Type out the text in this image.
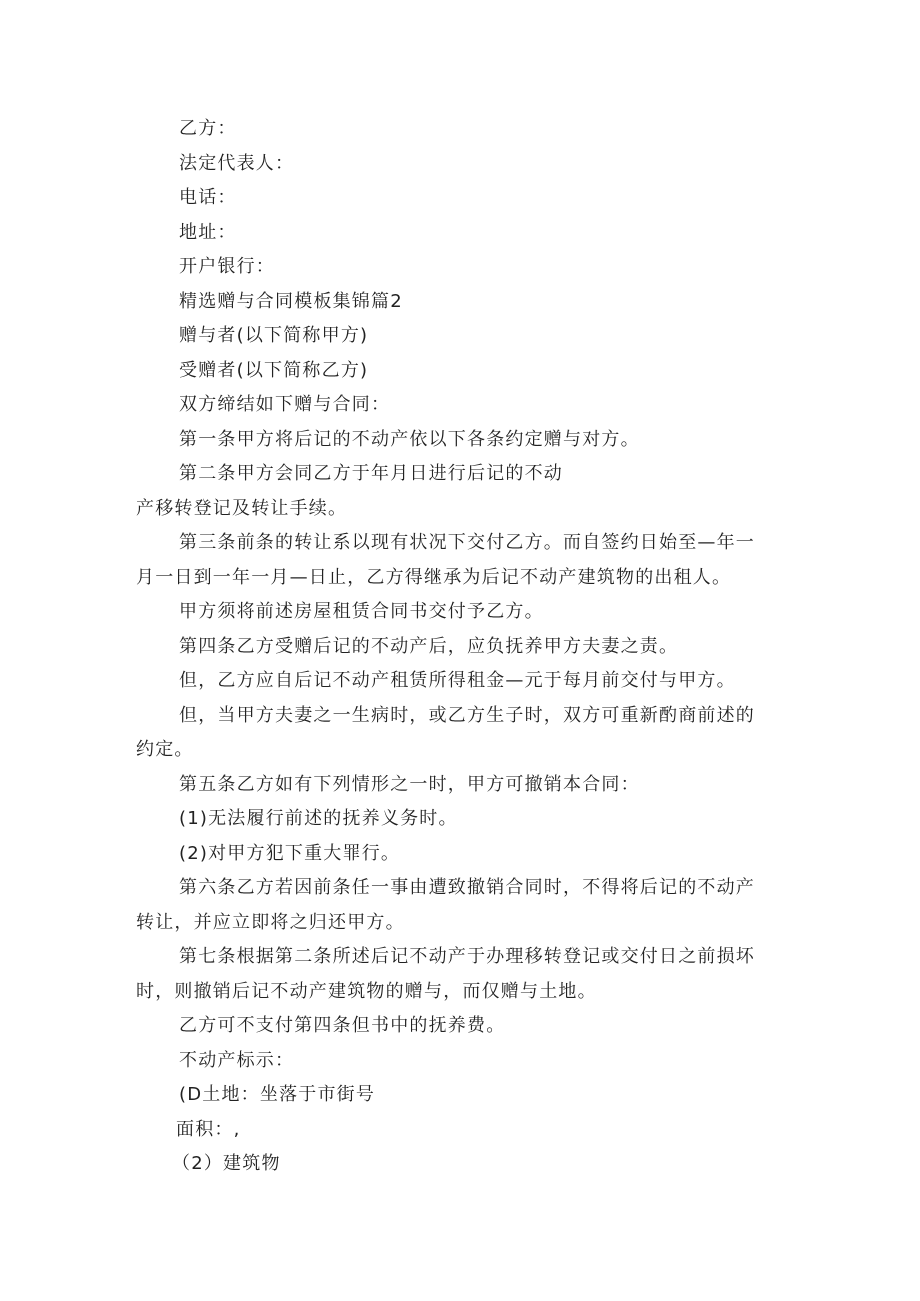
乙方：

法定代表人：

电话：

地址：

开户银行：

精选赠与合同模板集锦篇2

赠与者(以下简称甲方)

受赠者(以下简称乙方)

双方缔结如下赠与合同：

第一条甲方将后记的不动产依以下各条约定赠与对方。

第二条甲方会同乙方于年月日进行后记的不动

产移转登记及转让手续。

第三条前条的转让系以现有状况下交付乙方。而自签约日始至—年一

月一日到一年一月—日止，乙方得继承为后记不动产建筑物的出租人。

甲方须将前述房屋租赁合同书交付予乙方。

第四条乙方受赠后记的不动产后，应负抚养甲方夫妻之责。

但，乙方应自后记不动产租赁所得租金—元于每月前交付与甲方。

但，当甲方夫妻之一生病时，或乙方生子时，双方可重新酌商前述的

约定。

第五条乙方如有下列情形之一时，甲方可撤销本合同：

(1)无法履行前述的抚养义务时。

(2)对甲方犯下重大罪行。

第六条乙方若因前条任一事由遭致撤销合同时，不得将后记的不动产

转让，并应立即将之归还甲方。

第七条根据第二条所述后记不动产于办理移转登记或交付日之前损坏

时，则撤销后记不动产建筑物的赠与，而仅赠与土地。

乙方可不支付第四条但书中的抚养费。

不动产标示：

(D土地：坐落于市街号

面积：,

（2）建筑物
